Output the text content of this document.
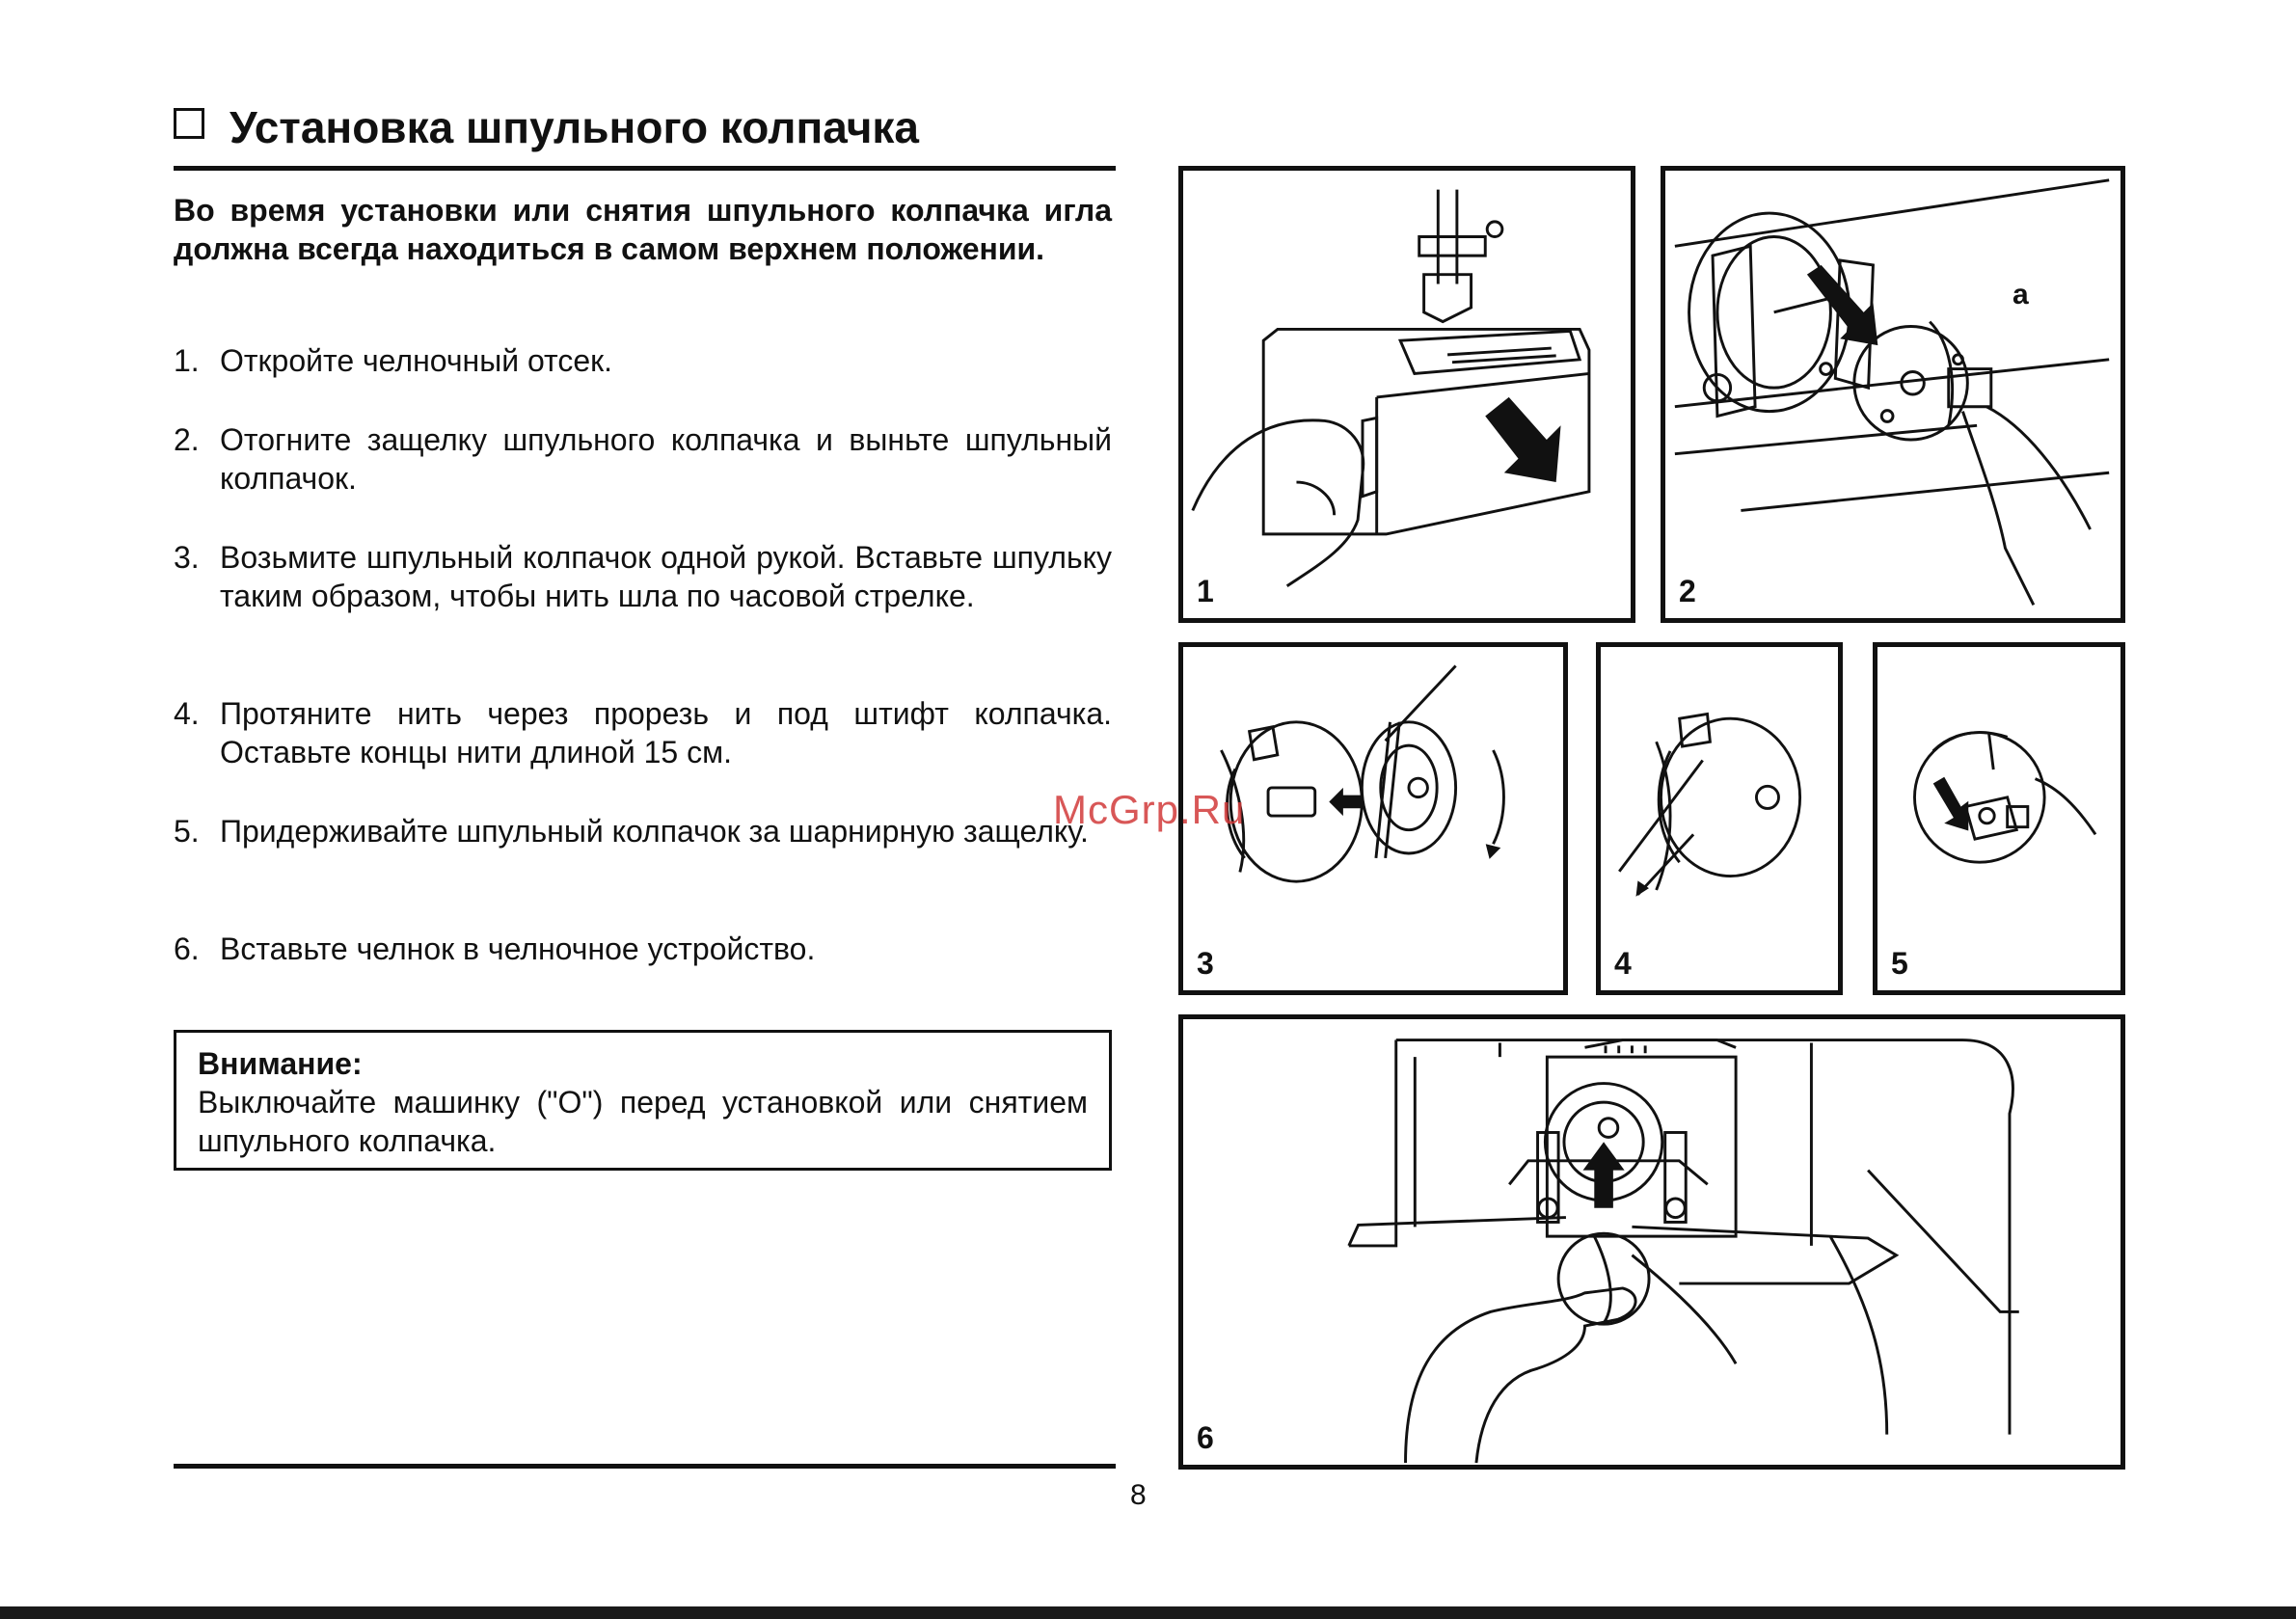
Установка шпульного колпачка
Во время установки или снятия шпульного колпачка игла должна всегда находиться в самом верхнем положении.
1. Откройте челночный отсек.
2. Отогните защелку шпульного колпачка и выньте шпульный колпачок.
3. Возьмите шпульный колпачок одной рукой. Вставьте шпульку таким образом, чтобы нить шла по часовой стрелке.
4. Протяните нить через прорезь и под штифт колпачка. Оставьте концы нити длиной 15 см.
5. Придерживайте шпульный колпачок за шарнирную защелку.
6. Вставьте челнок в челночное устройство.
Внимание:
Выключайте машинку ("О") перед установкой или снятием шпульного колпачка.
1
a
2
3	4	5
6
McGrp.Ru
8
